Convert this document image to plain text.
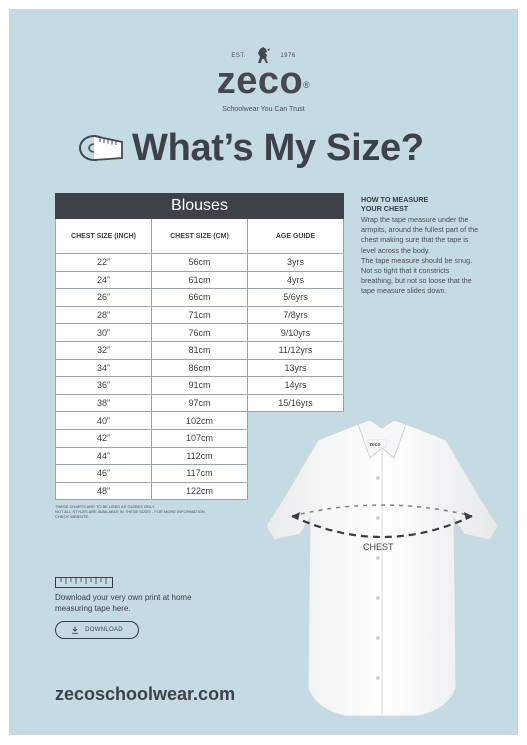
EST.	1976
zeco®
Schoolwear You Can Trust
What’s My Size?
Blouses		
CHEST SIZE (INCH)	CHEST SIZE (CM)	AGE GUIDE
22”	56cm	3yrs
24”	61cm	4yrs
26”	66cm	5/6yrs
28”	71cm	7/8yrs
30”	76cm	9/10yrs
32”	81cm	11/12yrs
34”	86cm	13yrs
36”	91cm	14yrs
38”	97cm	15/16yrs
40”	102cm	
42”	107cm	
44”	112cm	
46”	117cm	
48”	122cm	
THESE CHARTS ARE TO BE USED AS GUIDES ONLY.
NOT ALL STYLES ARE AVAILABLE IN THESE SIZES - FOR MORE INFORMATION
CHECK WEBSITE.
HOW TO MEASURE YOUR CHEST

Wrap the tape measure under the armpits, around the fullest part of the chest making sure that the tape is level across the body.

The tape measure should be snug. Not so tight that it constricts breathing, but not so loose that the tape measure slides down.

zeco
CHEST
Download your very own print at home measuring tape here.
DOWNLOAD
zecoschoolwear.com
